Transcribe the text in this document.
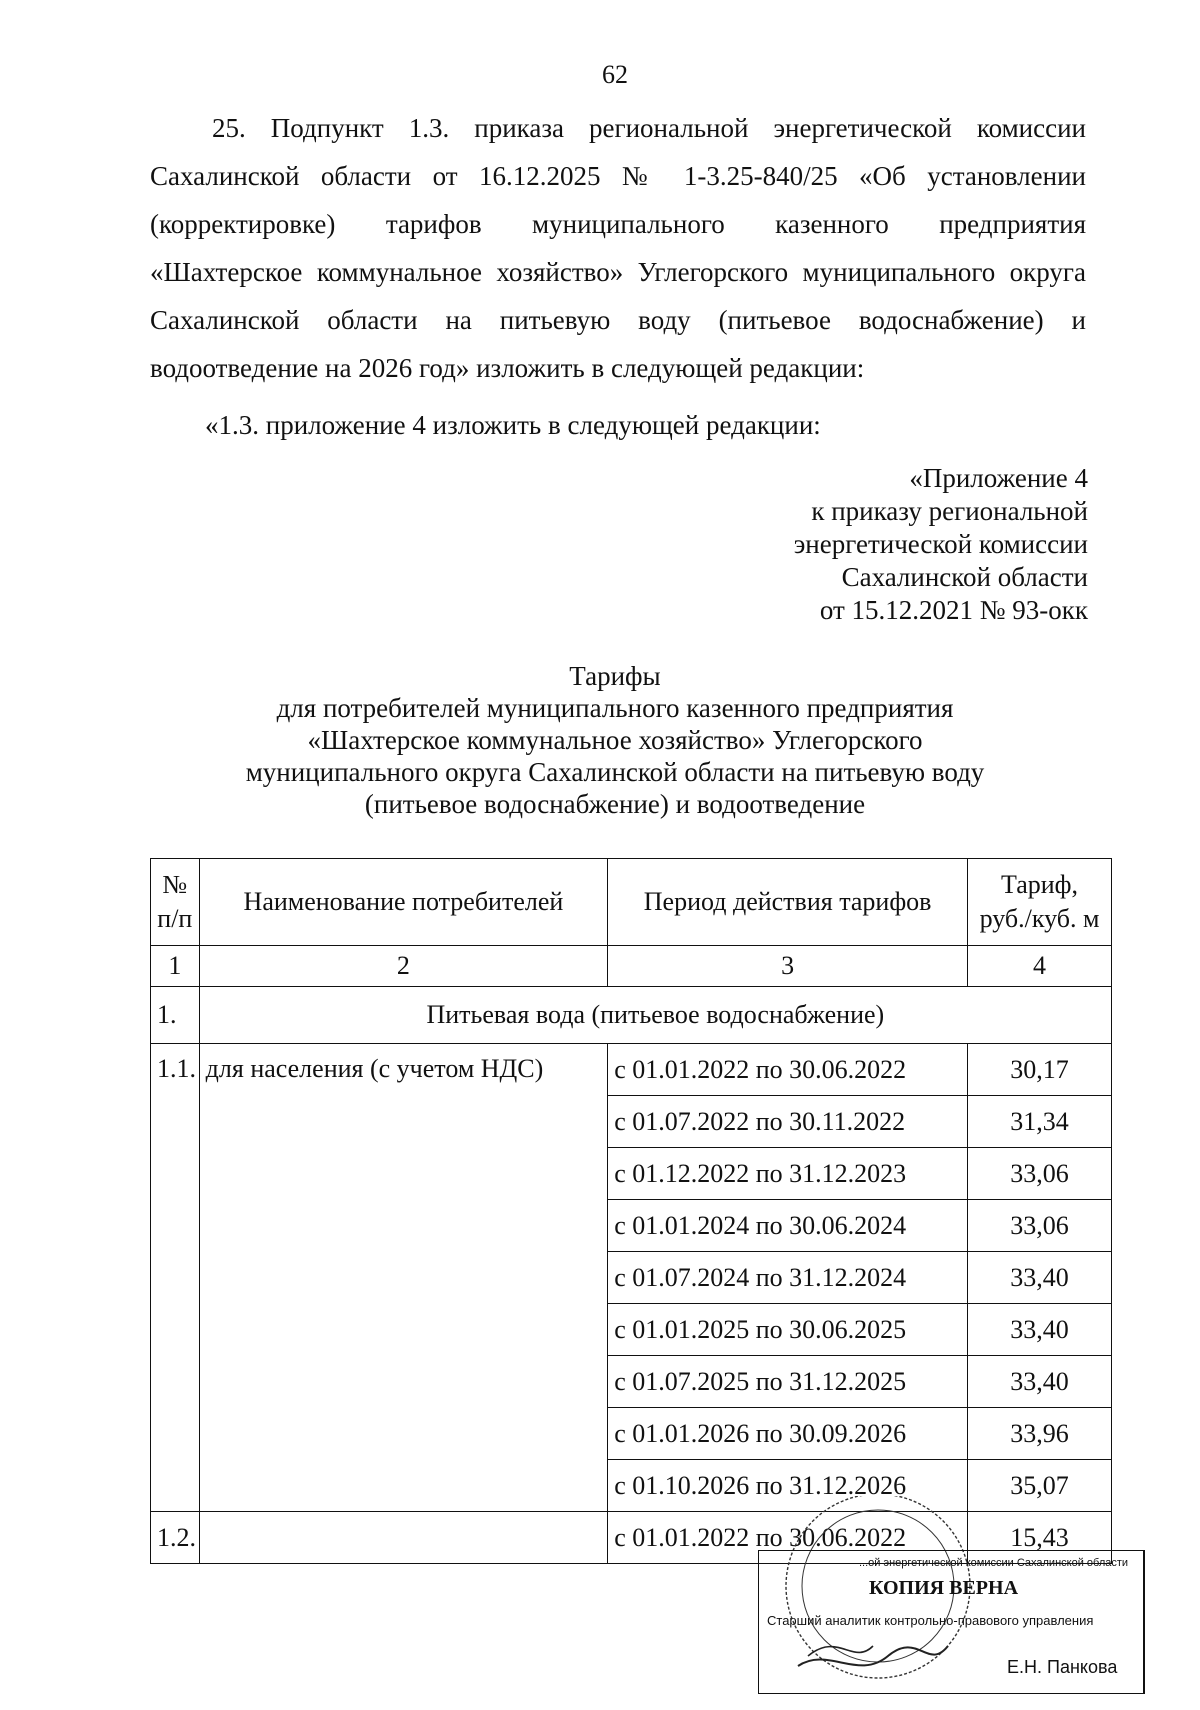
62
25. Подпункт 1.3. приказа региональной энергетической комиссии
Сахалинской области от 16.12.2025 № 1-3.25-840/25 «Об установлении
(корректировке) тарифов муниципального казенного предприятия
«Шахтерское коммунальное хозяйство» Углегорского муниципального округа
Сахалинской области на питьевую воду (питьевое водоснабжение) и
водоотведение на 2026 год» изложить в следующей редакции:
«1.3. приложение 4 изложить в следующей редакции:
«Приложение 4
к приказу региональной
энергетической комиссии
Сахалинской области
от 15.12.2021 № 93-окк
Тарифы
для потребителей муниципального казенного предприятия
«Шахтерское коммунальное хозяйство» Углегорского
муниципального округа Сахалинской области на питьевую воду
(питьевое водоснабжение) и водоотведение
№ п/п	Наименование потребителей	Период действия тарифов	Тариф, руб./куб. м
1	2	3	4
1.	Питьевая вода (питьевое водоснабжение)		
1.1.	для населения (с учетом НДС)	с 01.01.2022 по 30.06.2022	30,17
		с 01.07.2022 по 30.11.2022	31,34
		с 01.12.2022 по 31.12.2023	33,06
		с 01.01.2024 по 30.06.2024	33,06
		с 01.07.2024 по 31.12.2024	33,40
		с 01.01.2025 по 30.06.2025	33,40
		с 01.07.2025 по 31.12.2025	33,40
		с 01.01.2026 по 30.09.2026	33,96
		с 01.10.2026 по 31.12.2026	35,07
1.2.		с 01.01.2022 по 30.06.2022	15,43
...ой энергетической комиссии Сахалинской области
КОПИЯ ВЕРНА
Старший аналитик контрольно-правового управления
Е.Н. Панкова
